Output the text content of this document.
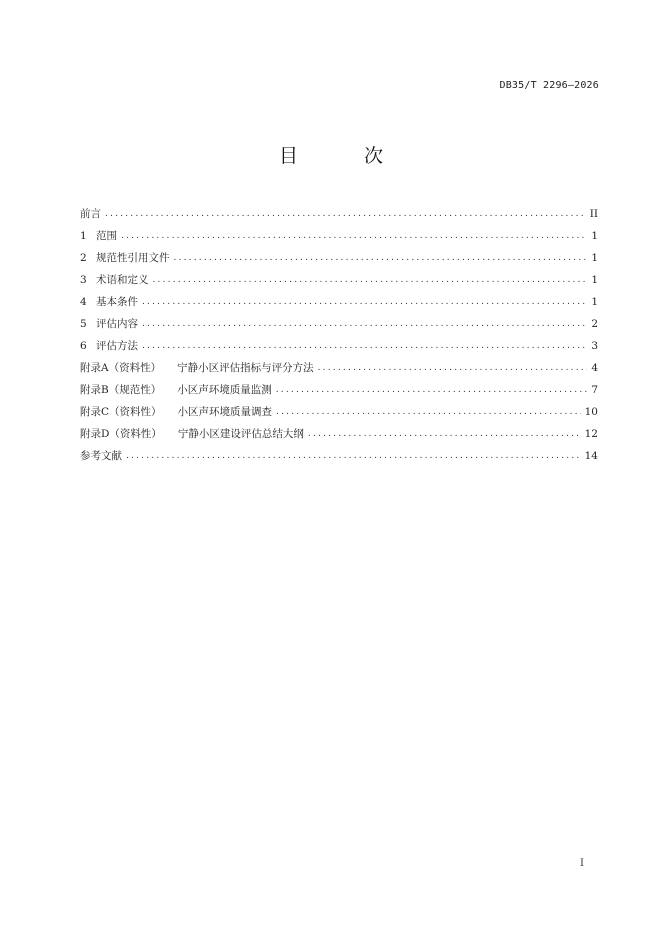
DB35/T 2296—2026
目 次
前言 .....	II
1 范围 .....	1
2 规范性引用文件 .....	1
3 术语和定义 .....	1
4 基本条件 .....	1
5 评估内容 .....	2
6 评估方法 .....	3
附录A（资料性） 宁静小区评估指标与评分方法 .....	4
附录B（规范性） 小区声环境质量监测 .....	7
附录C（资料性） 小区声环境质量调查 .....	10
附录D（资料性） 宁静小区建设评估总结大纲 .....	12
参考文献 .....	14
I
